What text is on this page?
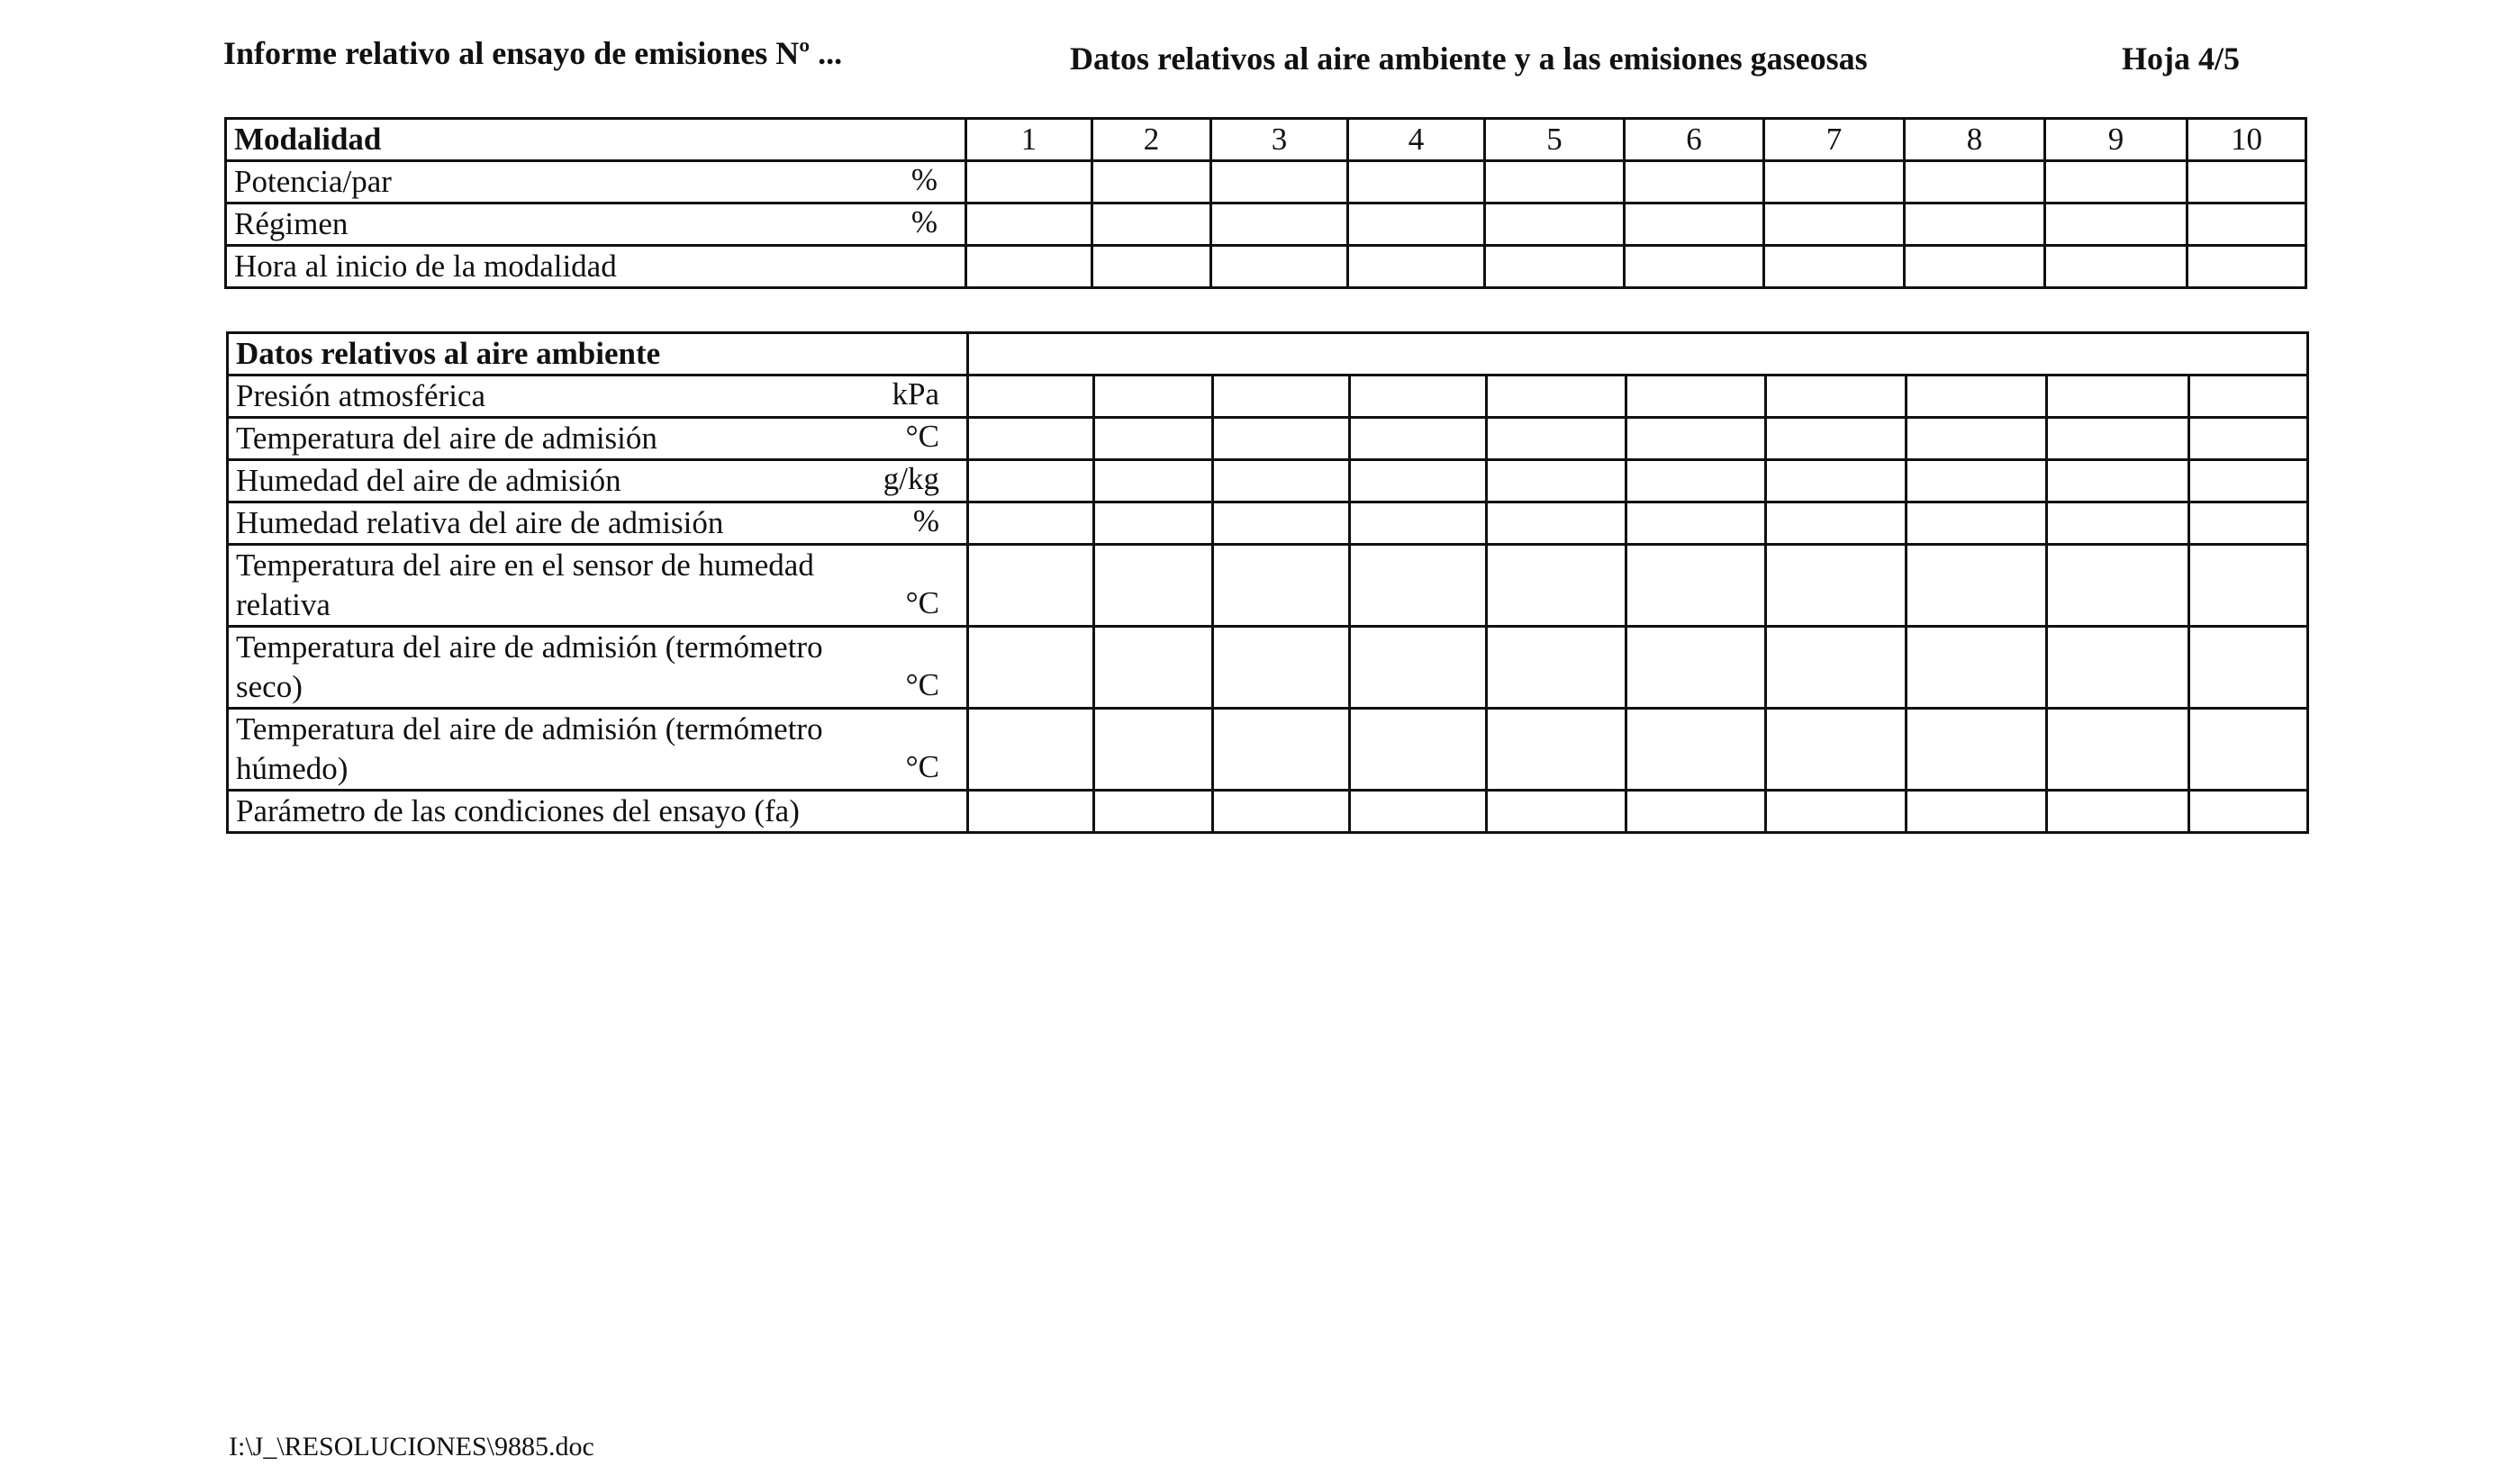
Informe relativo al ensayo de emisiones Nº ...	Datos relativos al aire ambiente y a las emisiones gaseosas	Hoja 4/5
Modalidad	1	2	3	4	5	6	7	8	9	10

Potencia/par %										

Régimen %										

Hora al inicio de la modalidad										

Datos relativos al aire ambiente										

Presión atmosférica kPa										

Temperatura del aire de admisión °C										

Humedad del aire de admisión g/kg										

Humedad relativa del aire de admisión %										

Temperatura del aire en el sensor de humedad relativa °C										

Temperatura del aire de admisión (termómetro seco) °C										

Temperatura del aire de admisión (termómetro húmedo) °C										

Parámetro de las condiciones del ensayo (fa)										

I:\J_\RESOLUCIONES\9885.doc
